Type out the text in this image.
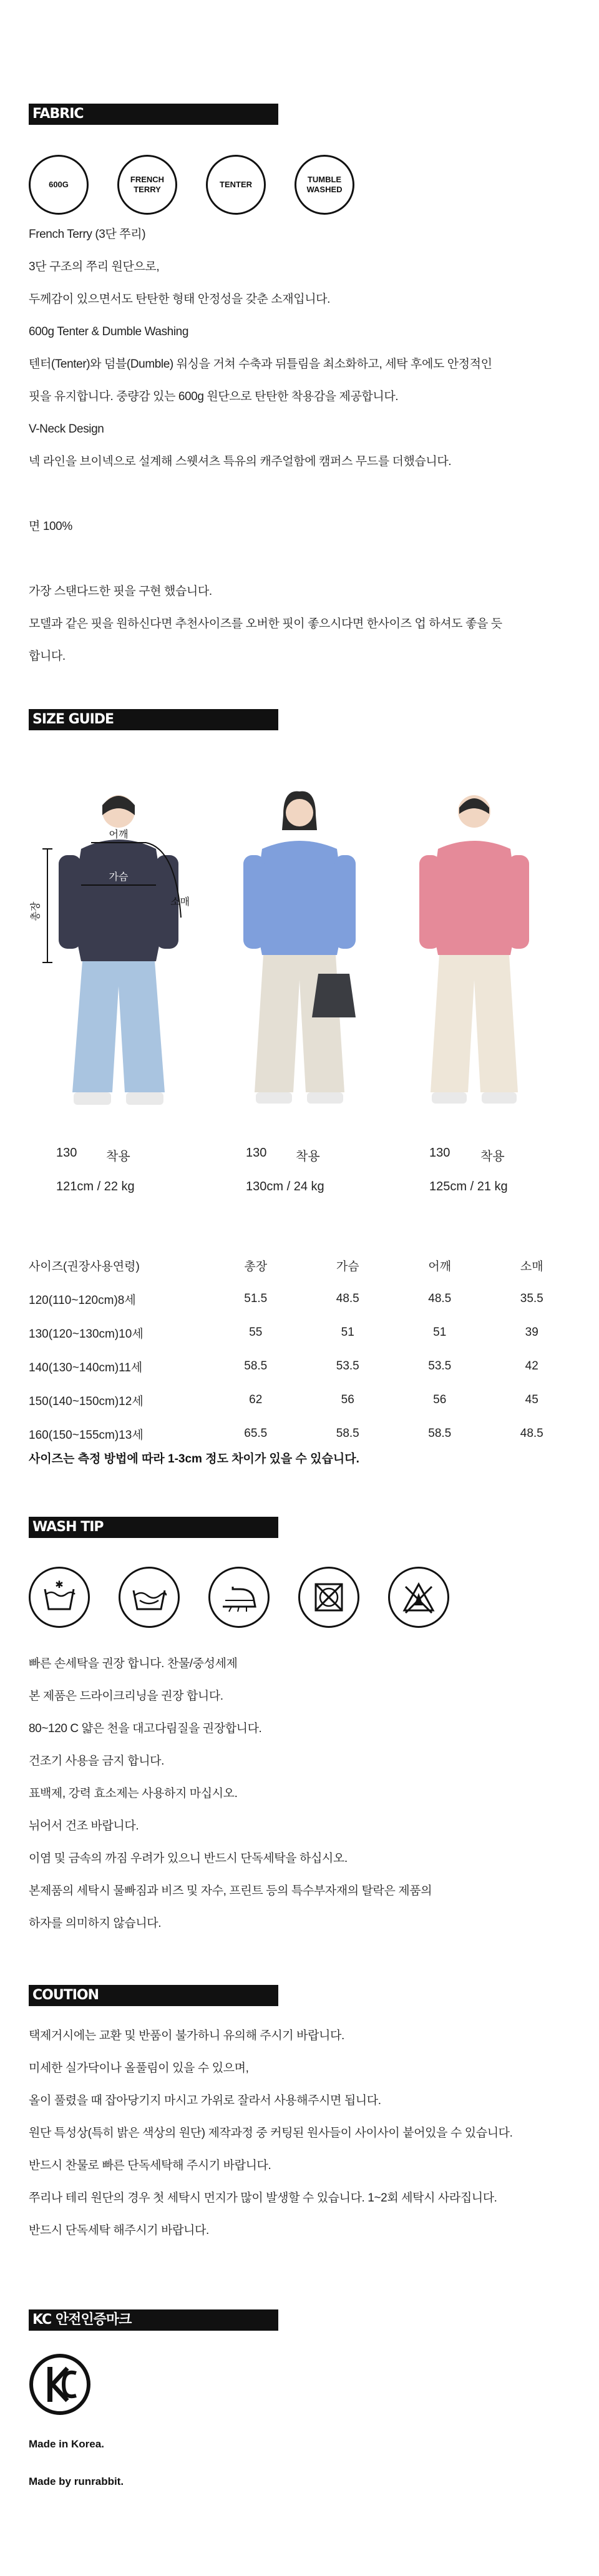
FABRIC
600G
FRENCH
TERRY
TENTER
TUMBLE
WASHED

French Terry (3단 쭈리)

3단 구조의 쭈리 원단으로,

두께감이 있으면서도 탄탄한 형태 안정성을 갖춘 소재입니다.

600g Tenter & Dumble Washing

텐터(Tenter)와 덤블(Dumble) 워싱을 거쳐 수축과 뒤틀림을 최소화하고, 세탁 후에도 안정적인

핏을 유지합니다. 중량감 있는 600g 원단으로 탄탄한 착용감을 제공합니다.

V-Neck Design

넥 라인을 브이넥으로 설계해 스웻셔츠 특유의 캐주얼함에 캠퍼스 무드를 더했습니다.

면 100%

가장 스탠다드한 핏을 구현 했습니다.

모델과 같은 핏을 원하신다면 추천사이즈를 오버한 핏이 좋으시다면 한사이즈 업 하셔도 좋을 듯

합니다.

SIZE GUIDE
어깨
가슴
총장
소매
130 착용
121cm / 22 kg
130 착용
130cm / 24 kg
130 착용
125cm / 21 kg
사이즈(권장사용연령)	총장	가슴	어깨	소매
120(110~120cm)8세	51.5	48.5	48.5	35.5
130(120~130cm)10세	55	51	51	39
140(130~140cm)11세	58.5	53.5	53.5	42
150(140~150cm)12세	62	56	56	45
160(150~155cm)13세	65.5	58.5	58.5	48.5
사이즈는 측정 방법에 따라 1-3cm 정도 차이가 있을 수 있습니다.
WASH TIP
✱

빠른 손세탁을 권장 합니다. 찬물/중성세제

본 제품은 드라이크리닝을 권장 합니다.

80~120 C 얇은 천을 대고다림질을 권장합니다.

건조기 사용을 금지 합니다.

표백제, 강력 효소제는 사용하지 마십시오.

뉘어서 건조 바랍니다.

이염 및 금속의 까짐 우려가 있으니 반드시 단독세탁을 하십시오.

본제품의 세탁시 물빠짐과 비즈 및 자수, 프린트 등의 특수부자재의 탈락은 제품의

하자를 의미하지 않습니다.

COUTION

택제거시에는 교환 및 반품이 불가하니 유의해 주시기 바랍니다.

미세한 실가닥이나 올풀림이 있을 수 있으며,

올이 풀렸을 때 잡아당기지 마시고 가위로 잘라서 사용해주시면 됩니다.

원단 특성상(특히 밝은 색상의 원단) 제작과정 중 커팅된 원사들이 사이사이 붙어있을 수 있습니다.

반드시 찬물로 빠른 단독세탁해 주시기 바랍니다.

쭈리나 테리 원단의 경우 첫 세탁시 먼지가 많이 발생할 수 있습니다. 1~2회 세탁시 사라집니다.

반드시 단독세탁 해주시기 바랍니다.

KC 안전인증마크
Made in Korea.
Made by runrabbit.
